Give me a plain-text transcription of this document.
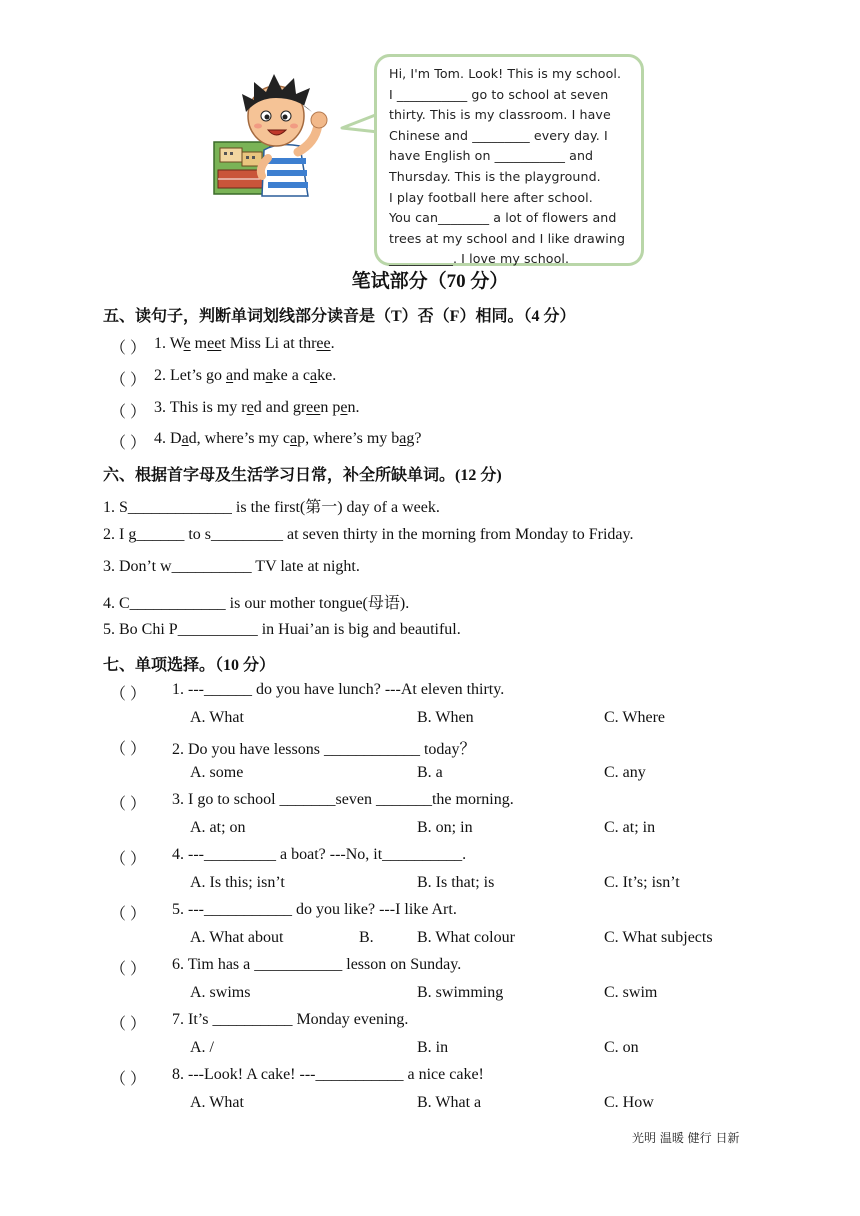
Hi, I'm Tom. Look! This is my school.
I ___________ go to school at seven
thirty. This is my classroom. I have
Chinese and _________ every day. I
have English on ___________ and
Thursday. This is the playground.
I play football here after school.
You can________ a lot of flowers and
trees at my school and I like drawing
__________. I love my school.
笔试部分（70 分）
五、读句子，判断单词划线部分读音是（T）否（F）相同。（4 分）
（ ） 1. We meet Miss Li at three.
（ ） 2. Let’s go and make a cake.
（ ） 3. This is my red and green pen.
（ ） 4. Dad, where’s my cap, where’s my bag?
六、根据首字母及生活学习日常，补全所缺单词。(12 分)
1. S_____________ is the first(第一) day of a week.
2. I g______ to s_________ at seven thirty in the morning from Monday to Friday.
3. Don’t w__________ TV late at night.
4. C____________ is our mother tongue(母语).
5. Bo Chi P__________ in Huai’an is big and beautiful.
七、单项选择。（10 分）
（ ） 1. ---______ do you have lunch? ---At eleven thirty.
A. What	B. When	C. Where
（ ） 2. Do you have lessons ____________ today？
A. some	B. a	C. any
（ ） 3. I go to school _______seven _______the morning.
A. at; on	B. on; in	C. at; in
（ ） 4. ---_________ a boat? ---No, it__________.
A. Is this; isn’t	B. Is that; is	C. It’s; isn’t
（ ） 5. ---___________ do you like? ---I like Art.
A. What about	B.	B. What colour	C. What subjects
（ ） 6. Tim has a ___________ lesson on Sunday.
A. swims	B. swimming	C. swim
（ ） 7. It’s __________ Monday evening.
A. /	B. in	C. on
（ ） 8. ---Look! A cake! ---___________ a nice cake!
A. What	B. What a	C. How
光明 温暖 健行 日新
